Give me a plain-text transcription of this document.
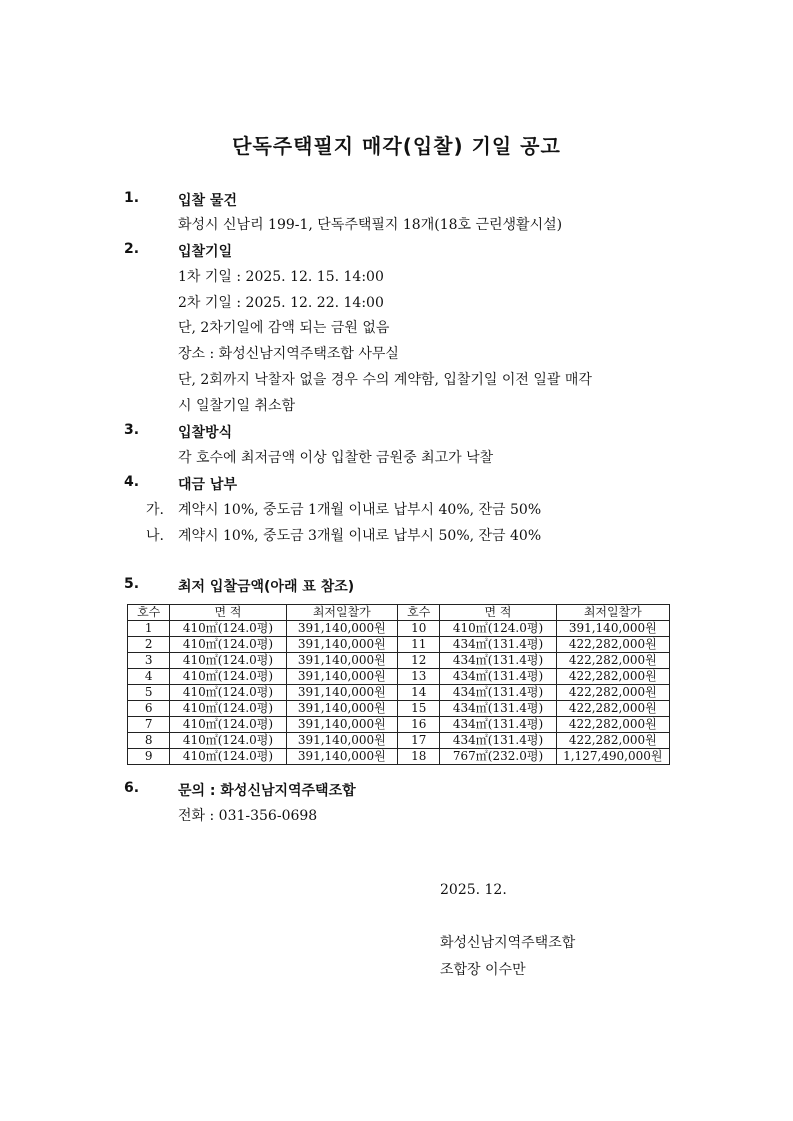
단독주택필지 매각(입찰) 기일 공고
1.	입찰 물건
화성시 신남리 199-1, 단독주택필지 18개(18호 근린생활시설)
2.	입찰기일
1차 기일 : 2025. 12. 15. 14:00
2차 기일 : 2025. 12. 22. 14:00
단, 2차기일에 감액 되는 금원 없음
장소 : 화성신남지역주택조합 사무실
단, 2회까지 낙찰자 없을 경우 수의 계약함, 입찰기일 이전 일괄 매각
시 일찰기일 취소함
3.	입찰방식
각 호수에 최저금액 이상 입찰한 금원중 최고가 낙찰
4.	대금 납부
가. 계약시 10%, 중도금 1개월 이내로 납부시 40%, 잔금 50%
나. 계약시 10%, 중도금 3개월 이내로 납부시 50%, 잔금 40%
5.	최저 입찰금액(아래 표 참조)
호수	면 적	최저일찰가	호수	면 적	최저일찰가
1	410㎡(124.0평)	391,140,000원	10	410㎡(124.0평)	391,140,000원
2	410㎡(124.0평)	391,140,000원	11	434㎡(131.4평)	422,282,000원
3	410㎡(124.0평)	391,140,000원	12	434㎡(131.4평)	422,282,000원
4	410㎡(124.0평)	391,140,000원	13	434㎡(131.4평)	422,282,000원
5	410㎡(124.0평)	391,140,000원	14	434㎡(131.4평)	422,282,000원
6	410㎡(124.0평)	391,140,000원	15	434㎡(131.4평)	422,282,000원
7	410㎡(124.0평)	391,140,000원	16	434㎡(131.4평)	422,282,000원
8	410㎡(124.0평)	391,140,000원	17	434㎡(131.4평)	422,282,000원
9	410㎡(124.0평)	391,140,000원	18	767㎡(232.0평)	1,127,490,000원
6.	문의 : 화성신남지역주택조합
전화 : 031-356-0698
2025. 12.
화성신남지역주택조합
조합장 이수만
